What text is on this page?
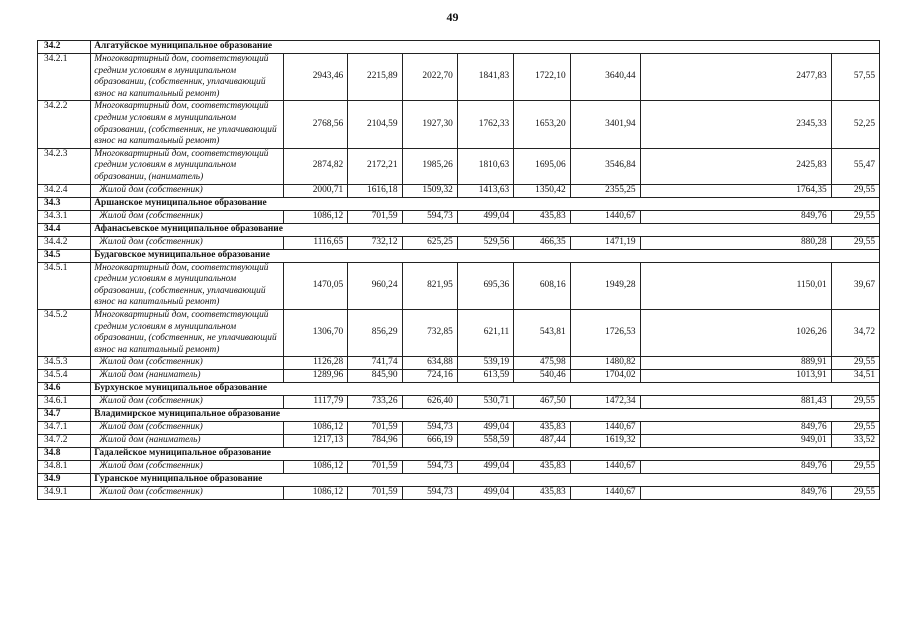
49
34.2	Алгатуйское муниципальное образование								
34.2.1	Многоквартирный дом, соответствующий средним условиям в муниципальном образовании, (собственник, уплачивающий взнос на капитальный ремонт)	2943,46	2215,89	2022,70	1841,83	1722,10	3640,44	2477,83	57,55
34.2.2	Многоквартирный дом, соответствующий средним условиям в муниципальном образовании, (собственник, не уплачивающий взнос на капитальный ремонт)	2768,56	2104,59	1927,30	1762,33	1653,20	3401,94	2345,33	52,25
34.2.3	Многоквартирный дом, соответствующий средним условиям в муниципальном образовании, (наниматель)	2874,82	2172,21	1985,26	1810,63	1695,06	3546,84	2425,83	55,47
34.2.4	Жилой дом (собственник)	2000,71	1616,18	1509,32	1413,63	1350,42	2355,25	1764,35	29,55
34.3	Аршанское муниципальное образование								
34.3.1	Жилой дом (собственник)	1086,12	701,59	594,73	499,04	435,83	1440,67	849,76	29,55
34.4	Афанасьевское муниципальное образование								
34.4.2	Жилой дом (собственник)	1116,65	732,12	625,25	529,56	466,35	1471,19	880,28	29,55
34.5	Будаговское муниципальное образование								
34.5.1	Многоквартирный дом, соответствующий средним условиям в муниципальном образовании, (собственник, уплачивающий взнос на капитальный ремонт)	1470,05	960,24	821,95	695,36	608,16	1949,28	1150,01	39,67
34.5.2	Многоквартирный дом, соответствующий средним условиям в муниципальном образовании, (собственник, не уплачивающий взнос на капитальный ремонт)	1306,70	856,29	732,85	621,11	543,81	1726,53	1026,26	34,72
34.5.3	Жилой дом (собственник)	1126,28	741,74	634,88	539,19	475,98	1480,82	889,91	29,55
34.5.4	Жилой дом (наниматель)	1289,96	845,90	724,16	613,59	540,46	1704,02	1013,91	34,51
34.6	Бурхунское муниципальное образование								
34.6.1	Жилой дом (собственник)	1117,79	733,26	626,40	530,71	467,50	1472,34	881,43	29,55
34.7	Владимирское муниципальное образование								
34.7.1	Жилой дом (собственник)	1086,12	701,59	594,73	499,04	435,83	1440,67	849,76	29,55
34.7.2	Жилой дом (наниматель)	1217,13	784,96	666,19	558,59	487,44	1619,32	949,01	33,52
34.8	Гадалейское муниципальное образование								
34.8.1	Жилой дом (собственник)	1086,12	701,59	594,73	499,04	435,83	1440,67	849,76	29,55
34.9	Гуранское муниципальное образование								
34.9.1	Жилой дом (собственник)	1086,12	701,59	594,73	499,04	435,83	1440,67	849,76	29,55
